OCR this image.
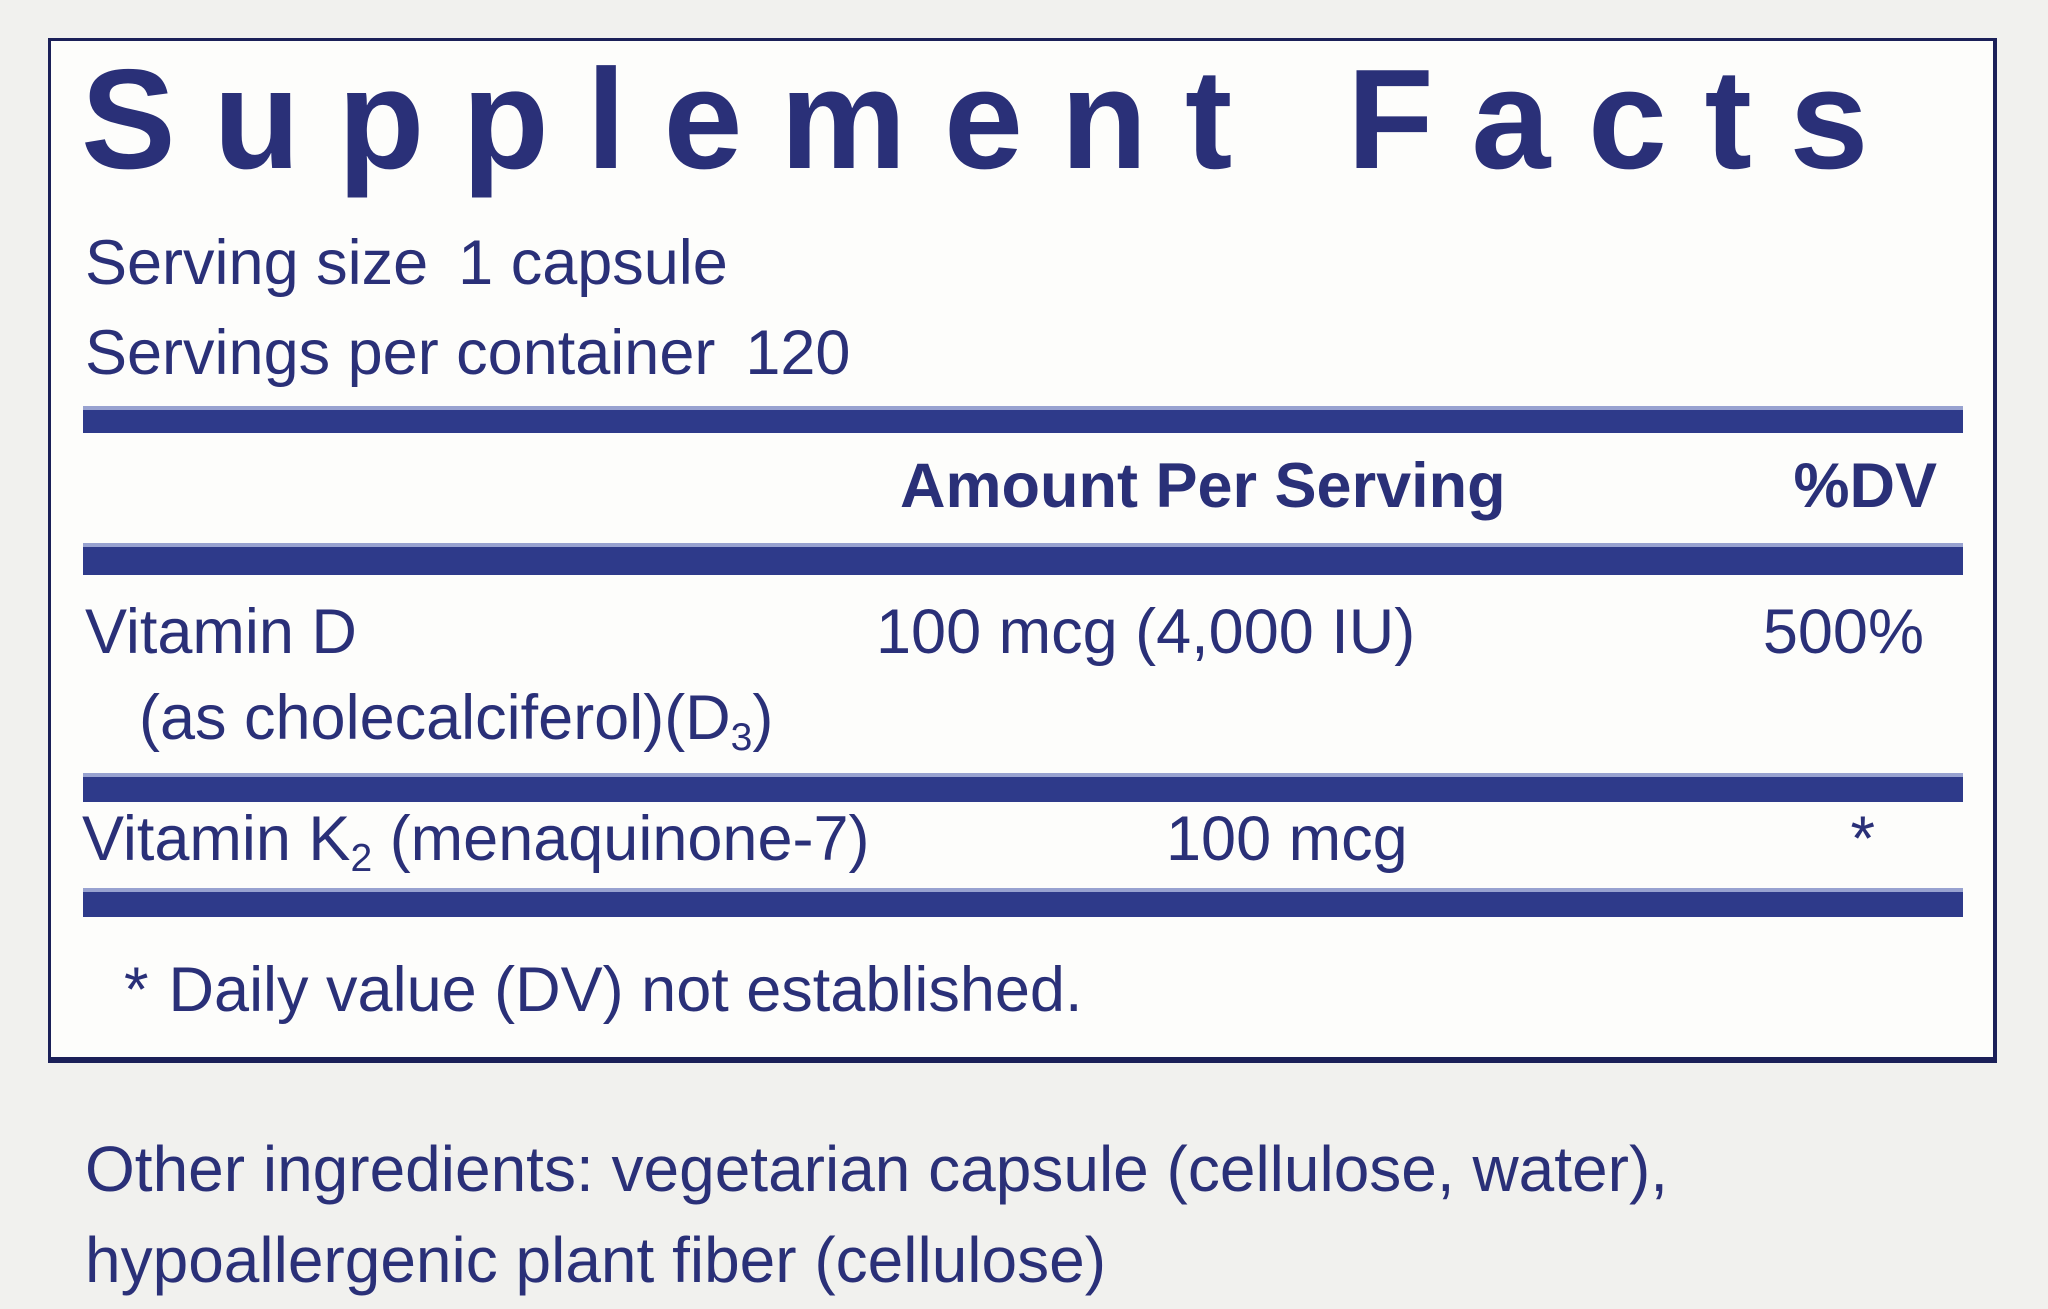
Supplement Facts
Serving size 1 capsule
Servings per container 120
Amount Per Serving	%DV
Vitamin D	100 mcg (4,000 IU)	500%
(as $cholecalciferol)(D_3)$
Vitamin $K_2$ (menaquinone-7)	100 mcg	*
* Daily value (DV) not established.
Other ingredients: vegetarian capsule (cellulose, water),
hypoallergenic plant fiber (cellulose)
